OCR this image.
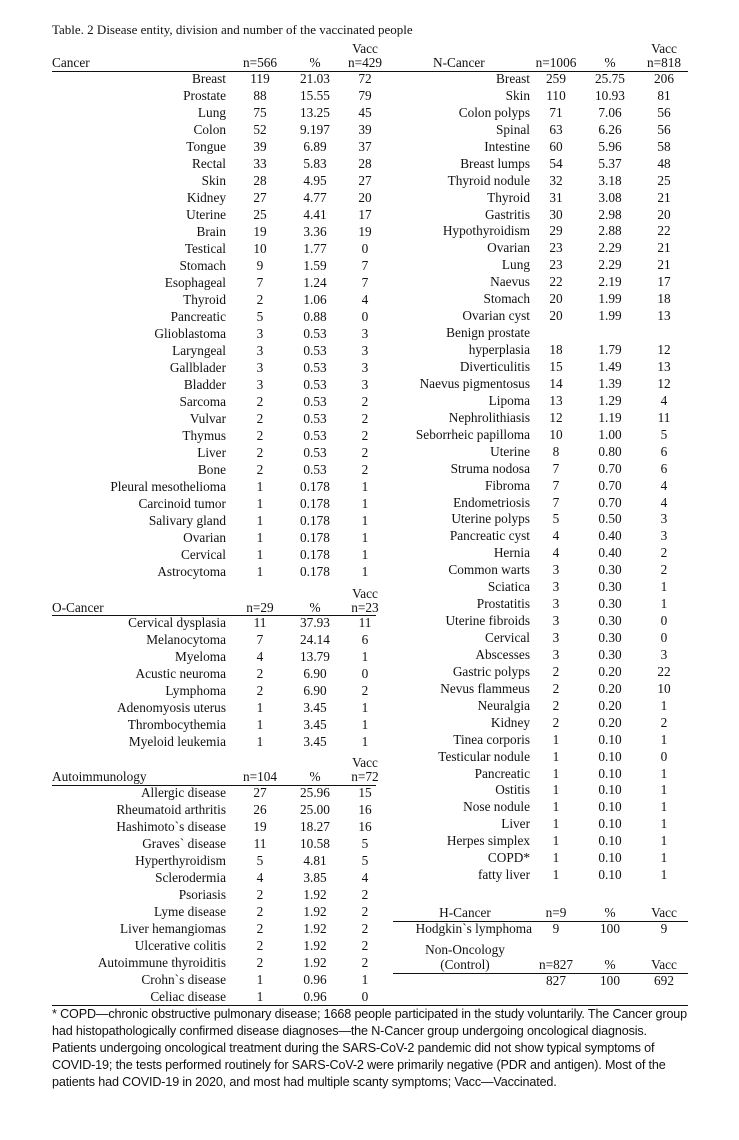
Table. 2 Disease entity, division and number of the vaccinated people
Cancer	n=566	%
Vacc
n=429
Breast	119	21.03	72
Prostate	88	15.55	79
Lung	75	13.25	45
Colon	52	9.197	39
Tongue	39	6.89	37
Rectal	33	5.83	28
Skin	28	4.95	27
Kidney	27	4.77	20
Uterine	25	4.41	17
Brain	19	3.36	19
Testical	10	1.77	0
Stomach	9	1.59	7
Esophageal	7	1.24	7
Thyroid	2	1.06	4
Pancreatic	5	0.88	0
Glioblastoma	3	0.53	3
Laryngeal	3	0.53	3
Gallblader	3	0.53	3
Bladder	3	0.53	3
Sarcoma	2	0.53	2
Vulvar	2	0.53	2
Thymus	2	0.53	2
Liver	2	0.53	2
Bone	2	0.53	2
Pleural mesothelioma	1	0.178	1
Carcinoid tumor	1	0.178	1
Salivary gland	1	0.178	1
Ovarian	1	0.178	1
Cervical	1	0.178	1
Astrocytoma	1	0.178	1
O-Cancer	n=29	%
Vacc
n=23
Cervical dysplasia	11	37.93	11
Melanocytoma	7	24.14	6
Myeloma	4	13.79	1
Acustic neuroma	2	6.90	0
Lymphoma	2	6.90	2
Adenomyosis uterus	1	3.45	1
Thrombocythemia	1	3.45	1
Myeloid leukemia	1	3.45	1
Autoimmunology	n=104	%
Vacc
n=72
Allergic disease	27	25.96	15
Rheumatoid arthritis	26	25.00	16
Hashimoto`s disease	19	18.27	16
Graves` disease	11	10.58	5
Hyperthyroidism	5	4.81	5
Sclerodermia	4	3.85	4
Psoriasis	2	1.92	2
Lyme disease	2	1.92	2
Liver hemangiomas	2	1.92	2
Ulcerative colitis	2	1.92	2
Autoimmune thyroiditis	2	1.92	2
Crohn`s disease	1	0.96	1
Celiac disease	1	0.96	0
N-Cancer	n=1006	%
Vacc
n=818
Breast	259	25.75	206
Skin	110	10.93	81
Colon polyps	71	7.06	56
Spinal	63	6.26	56
Intestine	60	5.96	58
Breast lumps	54	5.37	48
Thyroid nodule	32	3.18	25
Thyroid	31	3.08	21
Gastritis	30	2.98	20
Hypothyroidism	29	2.88	22
Ovarian	23	2.29	21
Lung	23	2.29	21
Naevus	22	2.19	17
Stomach	20	1.99	18
Ovarian cyst	20	1.99	13
Benign prostate
hyperplasia	18	1.79	12
Diverticulitis	15	1.49	13
Naevus pigmentosus	14	1.39	12
Lipoma	13	1.29	4
Nephrolithiasis	12	1.19	11
Seborrheic papilloma	10	1.00	5
Uterine	8	0.80	6
Struma nodosa	7	0.70	6
Fibroma	7	0.70	4
Endometriosis	7	0.70	4
Uterine polyps	5	0.50	3
Pancreatic cyst	4	0.40	3
Hernia	4	0.40	2
Common warts	3	0.30	2
Sciatica	3	0.30	1
Prostatitis	3	0.30	1
Uterine fibroids	3	0.30	0
Cervical	3	0.30	0
Abscesses	3	0.30	3
Gastric polyps	2	0.20	22
Nevus flammeus	2	0.20	10
Neuralgia	2	0.20	1
Kidney	2	0.20	2
Tinea corporis	1	0.10	1
Testicular nodule	1	0.10	0
Pancreatic	1	0.10	1
Ostitis	1	0.10	1
Nose nodule	1	0.10	1
Liver	1	0.10	1
Herpes simplex	1	0.10	1
COPD*	1	0.10	1
fatty liver	1	0.10	1
H-Cancer	n=9	%	Vacc
Hodgkin`s lymphoma	9	100	9
Non-Oncology
(Control)	n=827	%	Vacc
827	100	692
* COPD—chronic obstructive pulmonary disease; 1668 people participated in the study voluntarily. The Cancer group had histopathologically confirmed disease diagnoses—the N-Cancer group undergoing oncological diagnosis. Patients undergoing oncological treatment during the SARS-CoV-2 pandemic did not show typical symptoms of COVID-19; the tests performed routinely for SARS-CoV-2 were primarily negative (PDR and antigen). Most of the patients had COVID-19 in 2020, and most had multiple scanty symptoms; Vacc—Vaccinated.
